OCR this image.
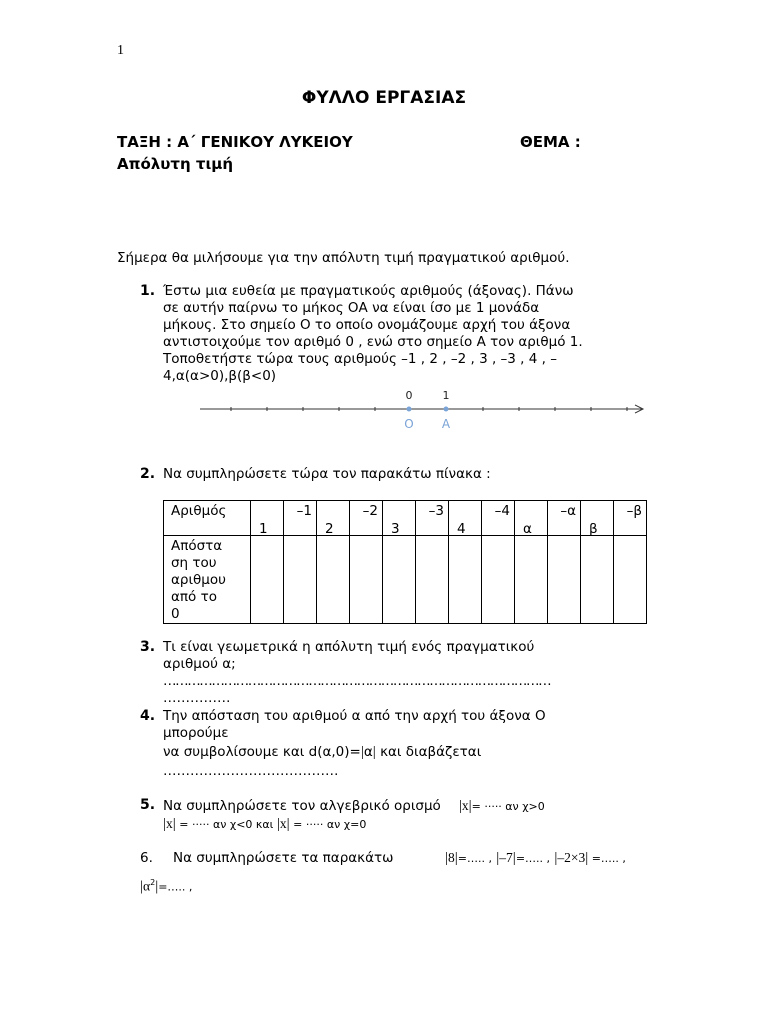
1
ΦΥΛΛΟ ΕΡΓΑΣΙΑΣ
ΤΑΞΗ : Α΄ ΓΕΝΙΚΟΥ ΛΥΚΕΙΟΥ	ΘΕΜΑ :
Απόλυτη τιμή
Σήμερα θα μιλήσουμε για την απόλυτη τιμή πραγματικού αριθμού.
1. Έστω μια ευθεία με πραγματικούς αριθμούς (άξονας). Πάνω
σε αυτήν παίρνω το μήκος ΟΑ να είναι ίσο με 1 μονάδα
μήκους. Στο σημείο Ο το οποίο ονομάζουμε αρχή του άξονα
αντιστοιχούμε τον αριθμό 0 , ενώ στο σημείο Α τον αριθμό 1.
Τοποθετήστε τώρα τους αριθμούς –1 , 2 , –2 , 3 , –3 , 4 , –
4,α(α>0),β(β<0)
0	1
Ο Α
2. Να συμπληρώσετε τώρα τον παρακάτω πίνακα :
Αριθμός	1	–1	2	–2	3	–3	4	–4	α	–α	β	–β

Απόστα
ση του
αριθμου
από το
0												

3. Τι είναι γεωμετρικά η απόλυτη τιμή ενός πραγματικού
αριθμού α;
……………………………………………………………………………………
……………
4. Την απόσταση του αριθμού α από την αρχή του άξονα Ο
μπορούμε
να συμβολίσουμε και d(α,0)=|α| και διαβάζεται
…………………………………
5. Να συμπληρώσετε τον αλγεβρικό ορισμό |x|= ····· αν χ>0
|x| = ····· αν χ<0 και |x| = ····· αν χ=0
6. Να συμπληρώσετε τα παρακάτω	|8|=….. , |–7|=….. , |–2×3| =….. ,
$|\alpha^2|=\dots$.. ,
